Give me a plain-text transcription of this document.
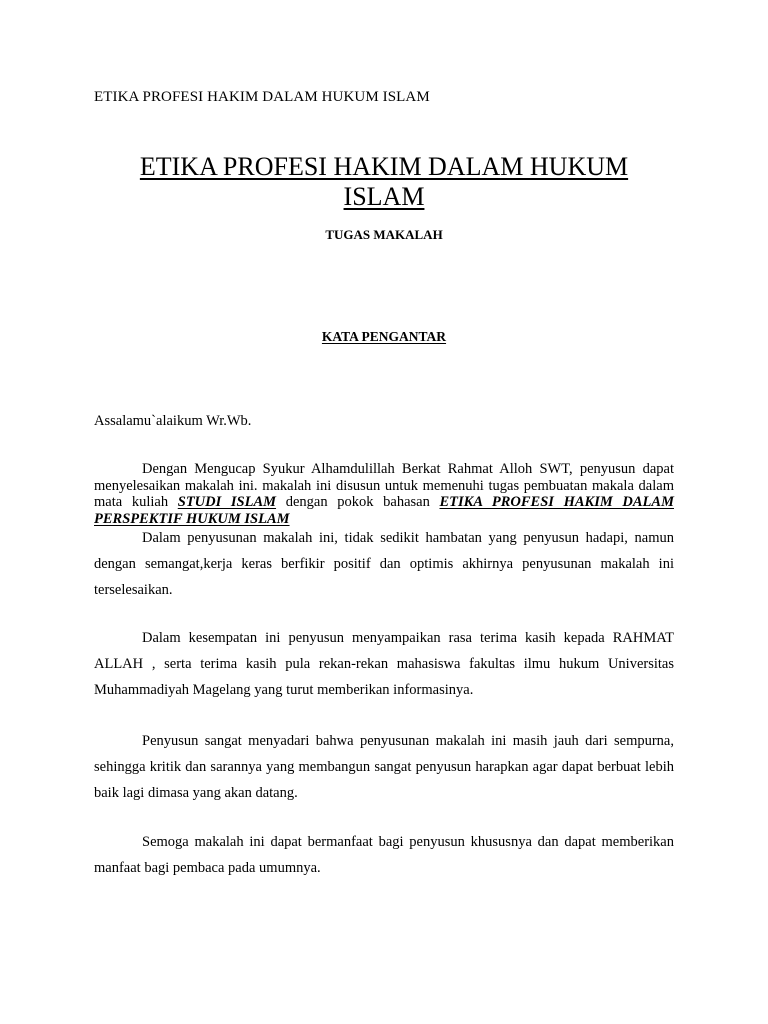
ETIKA PROFESI HAKIM DALAM HUKUM ISLAM
ETIKA PROFESI HAKIM DALAM HUKUM
ISLAM
TUGAS MAKALAH
KATA PENGANTAR
Assalamu`alaikum Wr.Wb.
Dengan Mengucap Syukur Alhamdulillah Berkat Rahmat Alloh SWT, penyusun dapat menyelesaikan makalah ini. makalah ini disusun untuk memenuhi tugas pembuatan makala dalam mata kuliah STUDI ISLAM dengan pokok bahasan ETIKA PROFESI HAKIM DALAM PERSPEKTIF HUKUM ISLAM
Dalam penyusunan makalah ini, tidak sedikit hambatan yang penyusun hadapi, namun dengan semangat,kerja keras berfikir positif dan optimis akhirnya penyusunan makalah ini terselesaikan.
Dalam kesempatan ini penyusun menyampaikan rasa terima kasih kepada RAHMAT ALLAH , serta terima kasih pula rekan-rekan mahasiswa fakultas ilmu hukum Universitas Muhammadiyah Magelang yang turut memberikan informasinya.
Penyusun sangat menyadari bahwa penyusunan makalah ini masih jauh dari sempurna, sehingga kritik dan sarannya yang membangun sangat penyusun harapkan agar dapat berbuat lebih baik lagi dimasa yang akan datang.
Semoga makalah ini dapat bermanfaat bagi penyusun khususnya dan dapat memberikan manfaat bagi pembaca pada umumnya.
